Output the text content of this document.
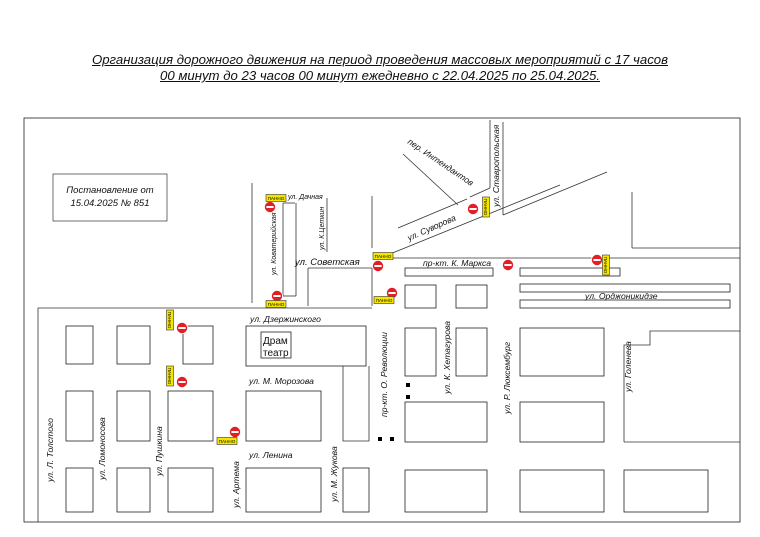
Организация дорожного движения на период проведения массовых мероприятий с 17 часов
00 минут до 23 часов 00 минут ежедневно с 22.04.2025 по 25.04.2025.
Постановление от
15.04.2025 № 851
Драм
театр
пер. Интендантов ул. Ставропольская
ул. Дачная
ул. Коватерийская	ул. К.Цеткин	ул. Суворова
ул. Советская	пр-кт. К. Маркса
ул. Орджоникидзе
ул. Дзержинского
пр-кт. О. Революции	ул. К. Хетагурова	ул. Р. Люксембург	ул. Голенева
ул. М. Морозова
ул. Л. Толстого	ул. Ломоносова	ул. Пушкина
ул. Артема
ул. Ленина	ул. М. Жукова
ПАННО
ПАННО
ПАННО
ПАННО
ПАННО
ПАННО
ПАННО
ПАННО
ПАННО
